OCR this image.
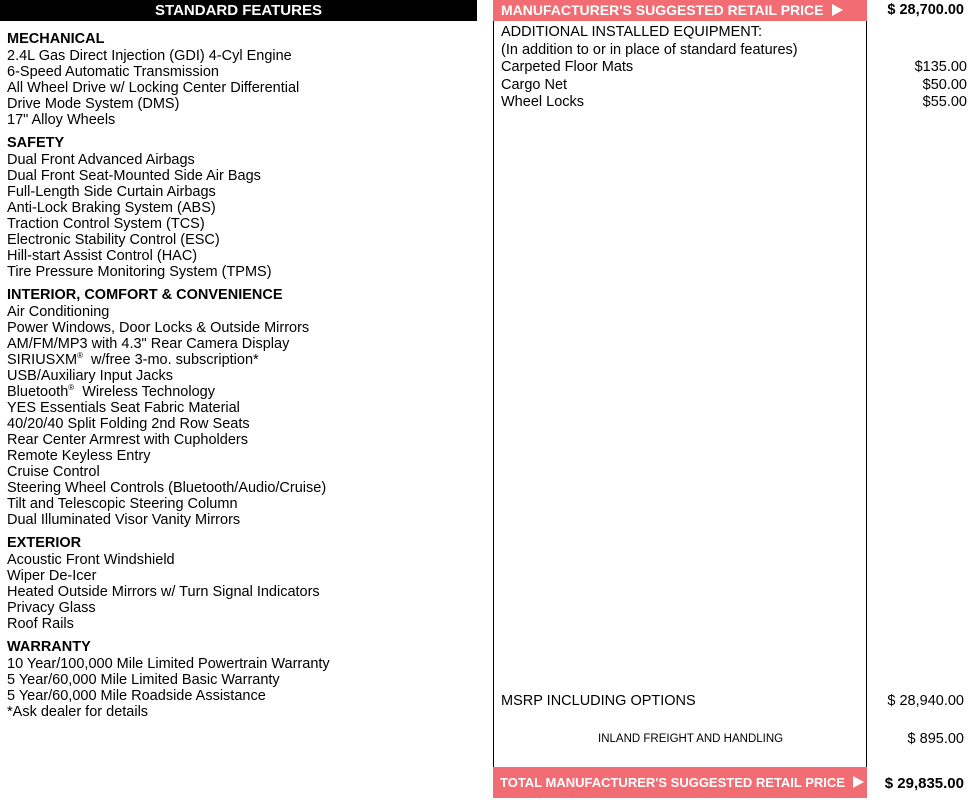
STANDARD FEATURES
MECHANICAL
2.4L Gas Direct Injection (GDI) 4-Cyl Engine
6-Speed Automatic Transmission
All Wheel Drive w/ Locking Center Differential
Drive Mode System (DMS)
17" Alloy Wheels
SAFETY
Dual Front Advanced Airbags
Dual Front Seat-Mounted Side Air Bags
Full-Length Side Curtain Airbags
Anti-Lock Braking System (ABS)
Traction Control System (TCS)
Electronic Stability Control (ESC)
Hill-start Assist Control (HAC)
Tire Pressure Monitoring System (TPMS)
INTERIOR, COMFORT & CONVENIENCE
Air Conditioning
Power Windows, Door Locks & Outside Mirrors
AM/FM/MP3 with 4.3" Rear Camera Display
SIRIUSXM®  w/free 3-mo. subscription*
USB/Auxiliary Input Jacks
Bluetooth®  Wireless Technology
YES Essentials Seat Fabric Material
40/20/40 Split Folding 2nd Row Seats
Rear Center Armrest with Cupholders
Remote Keyless Entry
Cruise Control
Steering Wheel Controls (Bluetooth/Audio/Cruise)
Tilt and Telescopic Steering Column
Dual Illuminated Visor Vanity Mirrors
EXTERIOR
Acoustic Front Windshield
Wiper De-Icer
Heated Outside Mirrors w/ Turn Signal Indicators
Privacy Glass
Roof Rails
WARRANTY
10 Year/100,000 Mile Limited Powertrain Warranty
5 Year/60,000 Mile Limited Basic Warranty
5 Year/60,000 Mile Roadside Assistance
*Ask dealer for details
MANUFACTURER'S SUGGESTED RETAIL PRICE	$ 28,700.00
ADDITIONAL INSTALLED EQUIPMENT:
(In addition to or in place of standard features)
Carpeted Floor Mats	$135.00
Cargo Net	$50.00
Wheel Locks	$55.00
MSRP INCLUDING OPTIONS	$ 28,940.00
INLAND FREIGHT AND HANDLING	$ 895.00
TOTAL MANUFACTURER'S SUGGESTED RETAIL PRICE	$ 29,835.00
